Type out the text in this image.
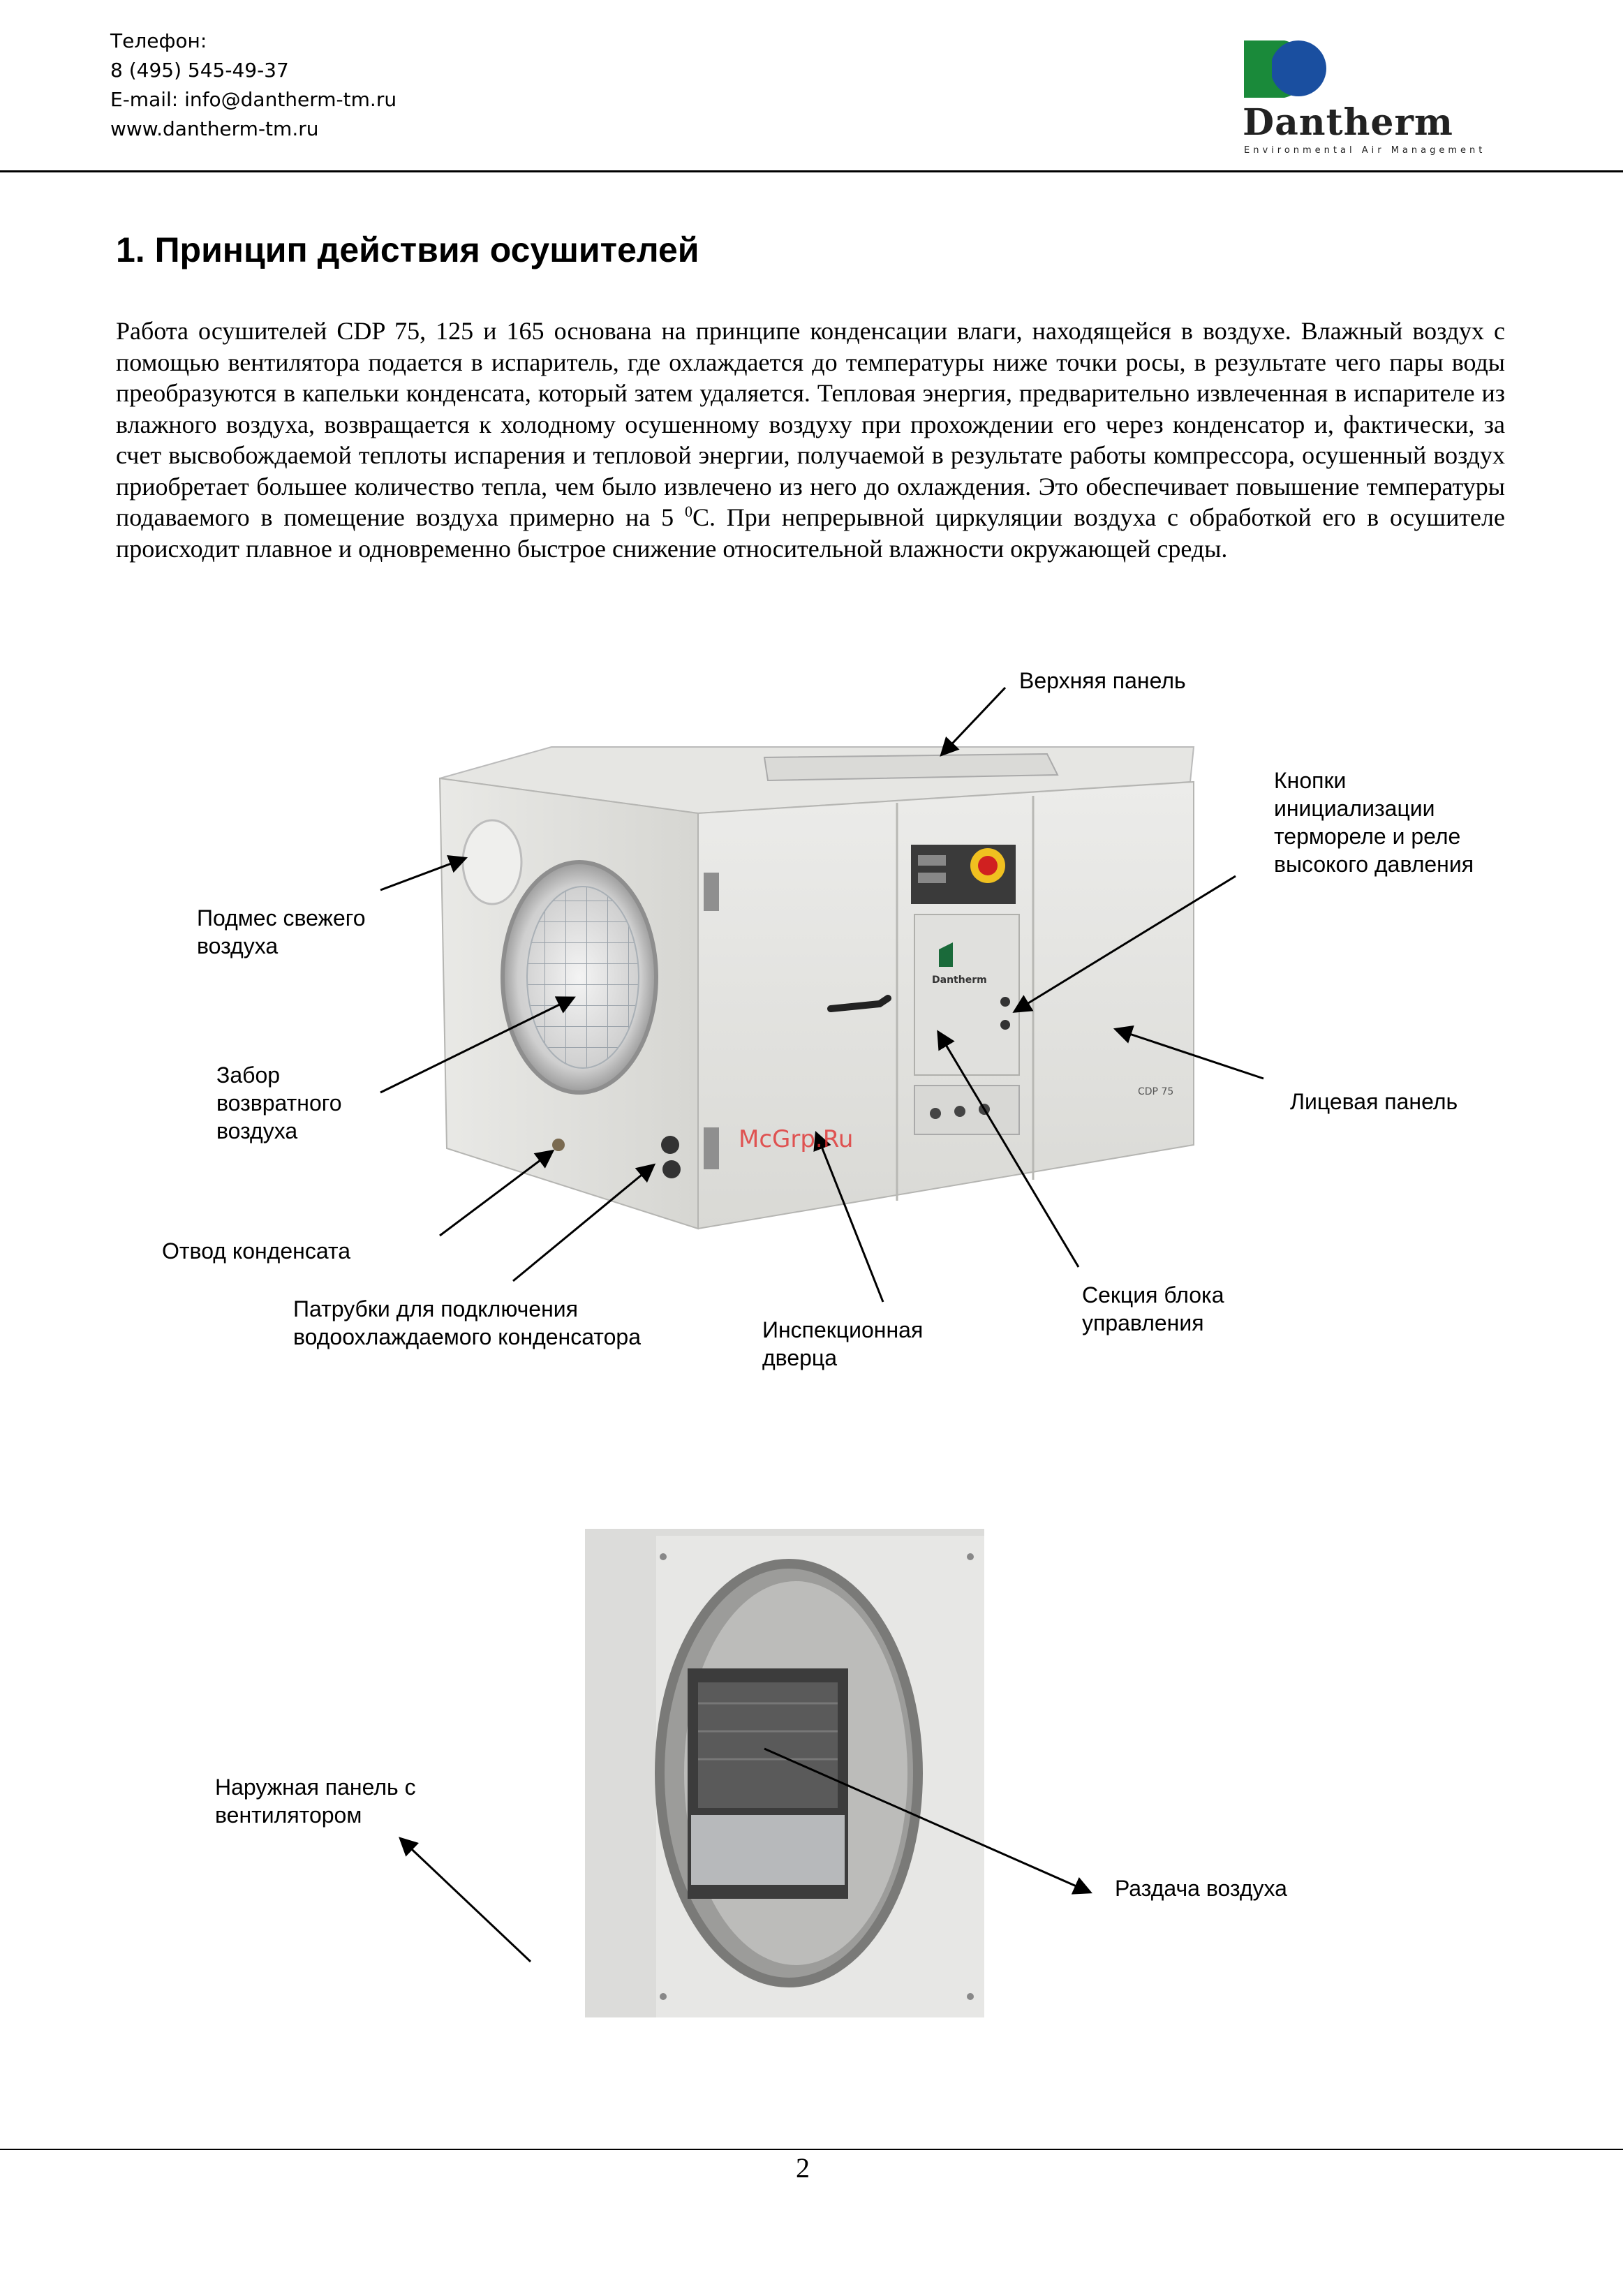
Телефон:
8 (495) 545-49-37
E-mail: info@dantherm-tm.ru
www.dantherm-tm.ru	Dantherm
Environmental Air Management
1. Принцип действия осушителей

Работа осушителей CDP 75, 125 и 165 основана на принципе конденсации влаги, находящейся в воздухе. Влажный воздух с помощью вентилятора подается в испаритель, где охлаждается до температуры ниже точки росы, в результате чего пары воды преобразуются в капельки конденсата, который затем удаляется. Тепловая энергия, предварительно извлеченная в испарителе из влажного воздуха, возвращается к холодному осушенному воздуху при прохождении его через конденсатор и, фактически, за счет высвобождаемой теплоты испарения и тепловой энергии, получаемой в результате работы компрессора, осушенный воздух приобретает большее количество тепла, чем было извлечено из него до охлаждения. Это обеспечивает повышение температуры подаваемого в помещение воздуха примерно на 5 $^0$С. При непрерывной циркуляции воздуха с обработкой его в осушителе происходит плавное и одновременно быстрое снижение относительной влажности окружающей среды.

Dantherm
CDP 75
Верхняя панель
Кнопки
инициализации
термореле и реле
высокого давления
Подмес свежего
воздуха
Забор
возвратного
воздуха
Лицевая панель
Отвод конденсата
Патрубки для подключения
водоохлаждаемого конденсатора	Инспекционная
дверца
Секция блока
управления
McGrp.Ru
Наружная панель с
вентилятором
Раздача воздуха
2
